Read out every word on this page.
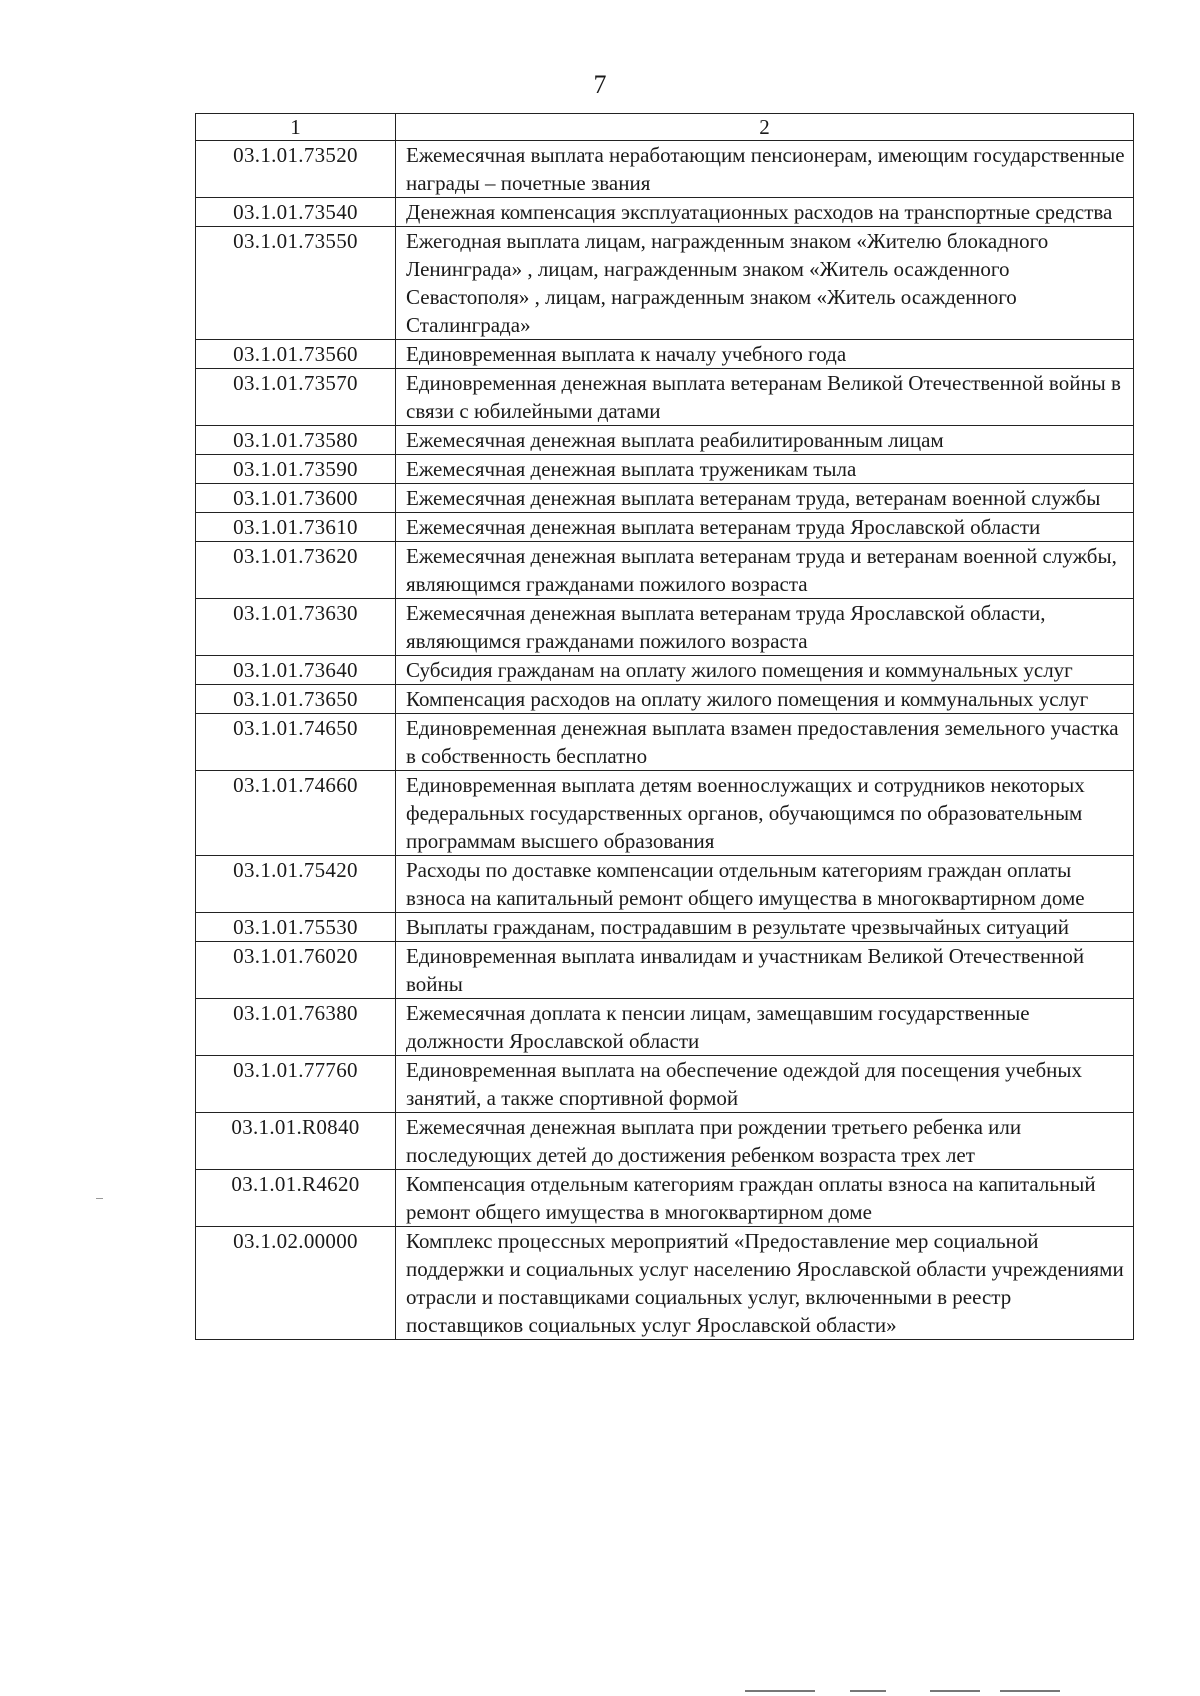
7
1	2
03.1.01.73520	Ежемесячная выплата неработающим пенсионерам, имеющим государственные награды – почетные звания
03.1.01.73540	Денежная компенсация эксплуатационных расходов на транспортные средства
03.1.01.73550	Ежегодная выплата лицам, награжденным знаком «Жителю блокадного Ленинграда» , лицам, награжденным знаком «Житель осажденного Севастополя» , лицам, награжденным знаком «Житель осажденного Сталинграда»
03.1.01.73560	Единовременная выплата к началу учебного года
03.1.01.73570	Единовременная денежная выплата ветеранам Великой Отечественной войны в связи с юбилейными датами
03.1.01.73580	Ежемесячная денежная выплата реабилитированным лицам
03.1.01.73590	Ежемесячная денежная выплата труженикам тыла
03.1.01.73600	Ежемесячная денежная выплата ветеранам труда, ветеранам военной службы
03.1.01.73610	Ежемесячная денежная выплата ветеранам труда Ярославской области
03.1.01.73620	Ежемесячная денежная выплата ветеранам труда и ветеранам военной службы, являющимся гражданами пожилого возраста
03.1.01.73630	Ежемесячная денежная выплата ветеранам труда Ярославской области, являющимся гражданами пожилого возраста
03.1.01.73640	Субсидия гражданам на оплату жилого помещения и коммунальных услуг
03.1.01.73650	Компенсация расходов на оплату жилого помещения и коммунальных услуг
03.1.01.74650	Единовременная денежная выплата взамен предоставления земельного участка в собственность бесплатно
03.1.01.74660	Единовременная выплата детям военнослужащих и сотрудников некоторых федеральных государственных органов, обучающимся по образовательным программам высшего образования
03.1.01.75420	Расходы по доставке компенсации отдельным категориям граждан оплаты взноса на капитальный ремонт общего имущества в многоквартирном доме
03.1.01.75530	Выплаты гражданам, пострадавшим в результате чрезвычайных ситуаций
03.1.01.76020	Единовременная выплата инвалидам и участникам Великой Отечественной войны
03.1.01.76380	Ежемесячная доплата к пенсии лицам, замещавшим государственные должности Ярославской области
03.1.01.77760	Единовременная выплата на обеспечение одеждой для посещения учебных занятий, а также спортивной формой
03.1.01.R0840	Ежемесячная денежная выплата при рождении третьего ребенка или последующих детей до достижения ребенком возраста трех лет
03.1.01.R4620	Компенсация отдельным категориям граждан оплаты взноса на капитальный ремонт общего имущества в многоквартирном доме
03.1.02.00000	Комплекс процессных мероприятий «Предоставление мер социальной поддержки и социальных услуг населению Ярославской области учреждениями отрасли и поставщиками социальных услуг, включенными в реестр поставщиков социальных услуг Ярославской области»
